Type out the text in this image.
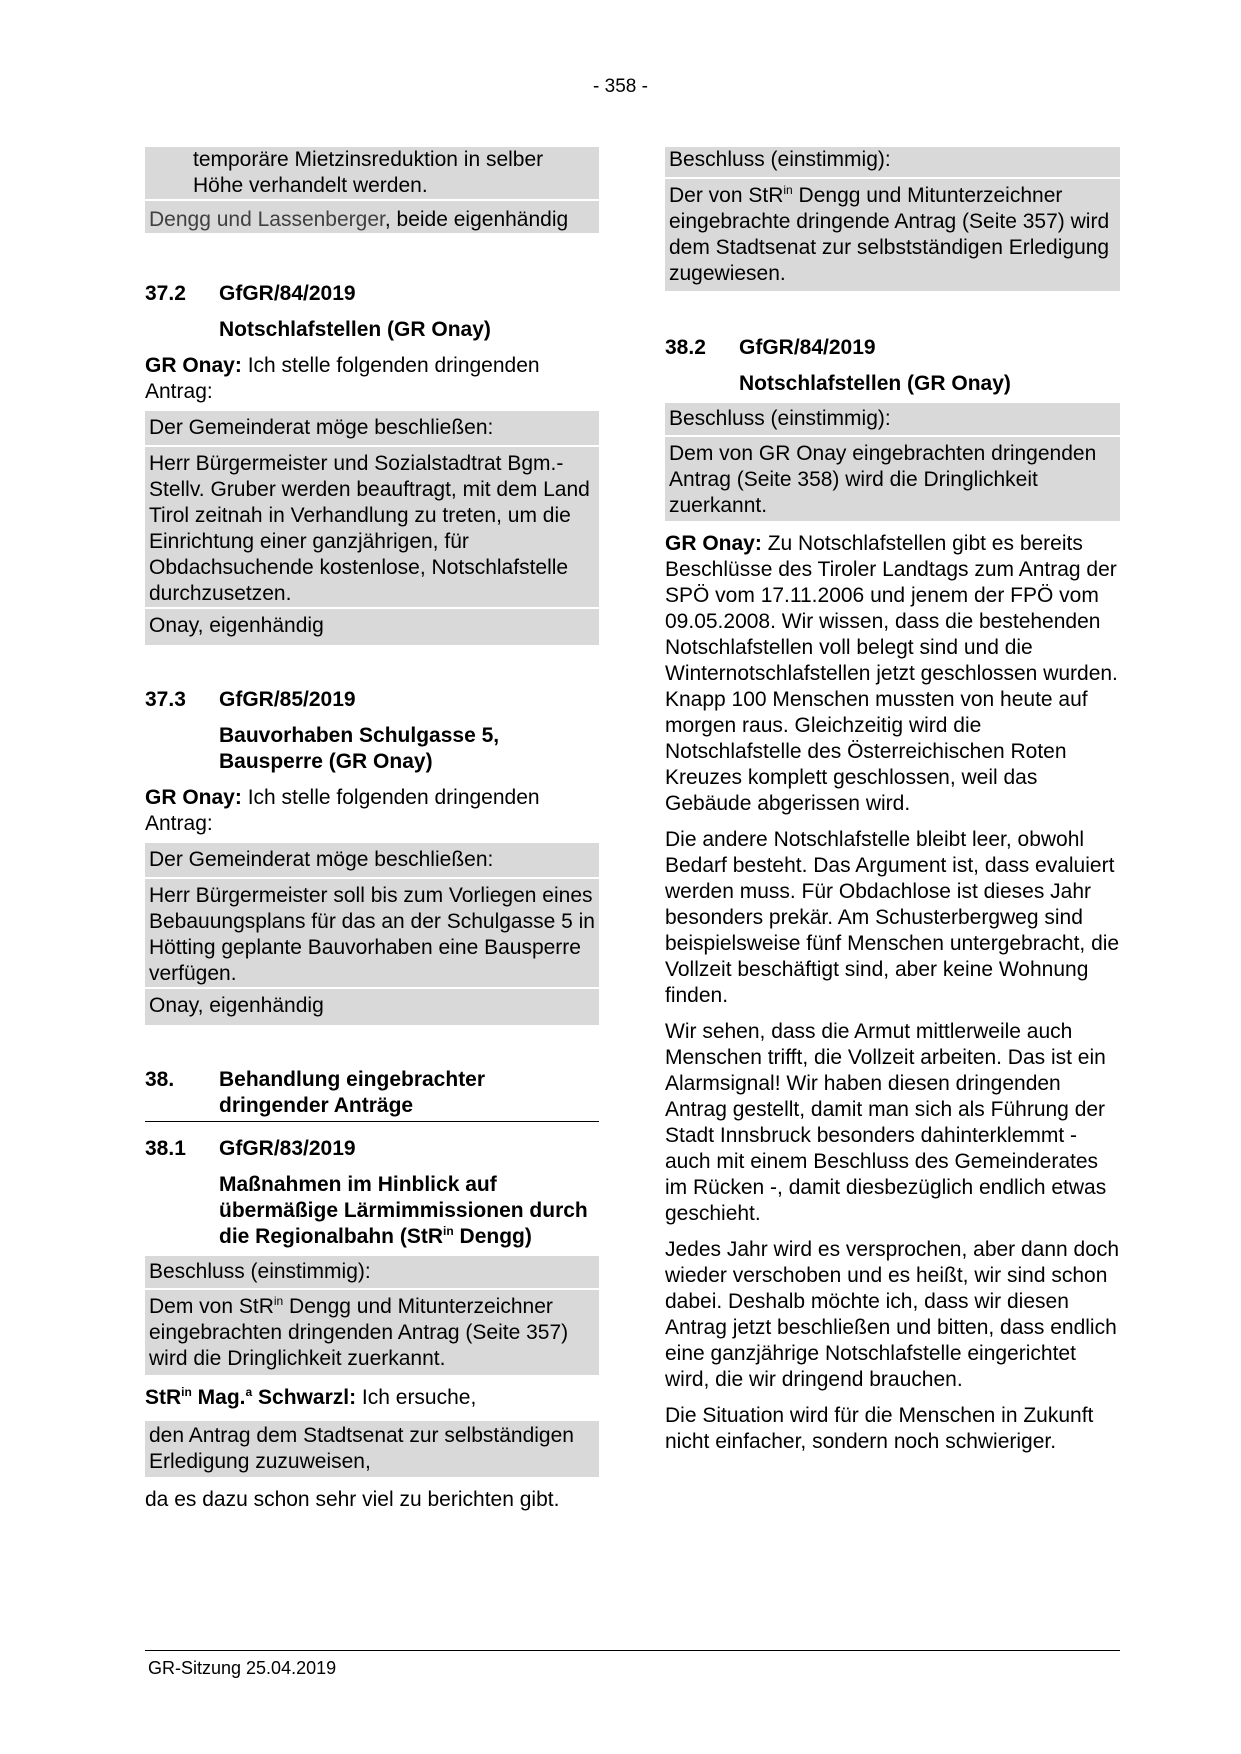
- 358 -

temporäre Mietzinsreduktion in selber

Höhe verhandelt werden.

Dengg und Lassenberger, beide eigenhändig
37.2	GfGR/84/2019

Notschlafstellen (GR Onay)

GR Onay: Ich stelle folgenden dringenden Antrag:

Der Gemeinderat möge beschließen:
Herr Bürgermeister und Sozialstadtrat Bgm.-Stellv. Gruber werden beauftragt, mit dem Land Tirol zeitnah in Verhandlung zu treten, um die Einrichtung einer ganzjährigen, für Obdachsuchende kostenlose, Notschlafstelle durchzusetzen.
Onay, eigenhändig
37.3	GfGR/85/2019

Bauvorhaben Schulgasse 5, Bausperre (GR Onay)

GR Onay: Ich stelle folgenden dringenden Antrag:

Der Gemeinderat möge beschließen:
Herr Bürgermeister soll bis zum Vorliegen eines Bebauungsplans für das an der Schulgasse 5 in Hötting geplante Bauvorhaben eine Bausperre verfügen.
Onay, eigenhändig
38.	Behandlung eingebrachter dringender Anträge
38.1	GfGR/83/2019

Maßnahmen im Hinblick auf übermäßige Lärmimmissionen durch die Regionalbahn (StR$^{in}$ Dengg)

Beschluss (einstimmig):
Dem von StR$^{in}$ Dengg und Mitunterzeichner eingebrachten dringenden Antrag (Seite 357) wird die Dringlichkeit zuerkannt.

StR$^{in}$ Mag.$^a$ Schwarzl: Ich ersuche,

den Antrag dem Stadtsenat zur selbständigen Erledigung zuzuweisen,

da es dazu schon sehr viel zu berichten gibt.

Beschluss (einstimmig):
Der von StR$^{in}$ Dengg und Mitunterzeichner eingebrachte dringende Antrag (Seite 357) wird dem Stadtsenat zur selbstständigen Erledigung zugewiesen.
38.2	GfGR/84/2019

Notschlafstellen (GR Onay)

Beschluss (einstimmig):
Dem von GR Onay eingebrachten dringenden Antrag (Seite 358) wird die Dringlichkeit zuerkannt.

GR Onay: Zu Notschlafstellen gibt es bereits Beschlüsse des Tiroler Landtags zum Antrag der SPÖ vom 17.11.2006 und jenem der FPÖ vom 09.05.2008. Wir wissen, dass die bestehenden Notschlafstellen voll belegt sind und die Winternotschlafstellen jetzt geschlossen wurden. Knapp 100 Menschen mussten von heute auf morgen raus. Gleichzeitig wird die Notschlafstelle des Österreichischen Roten Kreuzes komplett geschlossen, weil das Gebäude abgerissen wird.

Die andere Notschlafstelle bleibt leer, obwohl Bedarf besteht. Das Argument ist, dass evaluiert werden muss. Für Obdachlose ist dieses Jahr besonders prekär. Am Schusterbergweg sind beispielsweise fünf Menschen untergebracht, die Vollzeit beschäftigt sind, aber keine Wohnung finden.

Wir sehen, dass die Armut mittlerweile auch Menschen trifft, die Vollzeit arbeiten. Das ist ein Alarmsignal! Wir haben diesen dringenden Antrag gestellt, damit man sich als Führung der Stadt Innsbruck besonders dahinterklemmt - auch mit einem Beschluss des Gemeinderates im Rücken -, damit diesbezüglich endlich etwas geschieht.

Jedes Jahr wird es versprochen, aber dann doch wieder verschoben und es heißt, wir sind schon dabei. Deshalb möchte ich, dass wir diesen Antrag jetzt beschließen und bitten, dass endlich eine ganzjährige Notschlafstelle eingerichtet wird, die wir dringend brauchen.

Die Situation wird für die Menschen in Zukunft nicht einfacher, sondern noch schwieriger.

GR-Sitzung 25.04.2019
